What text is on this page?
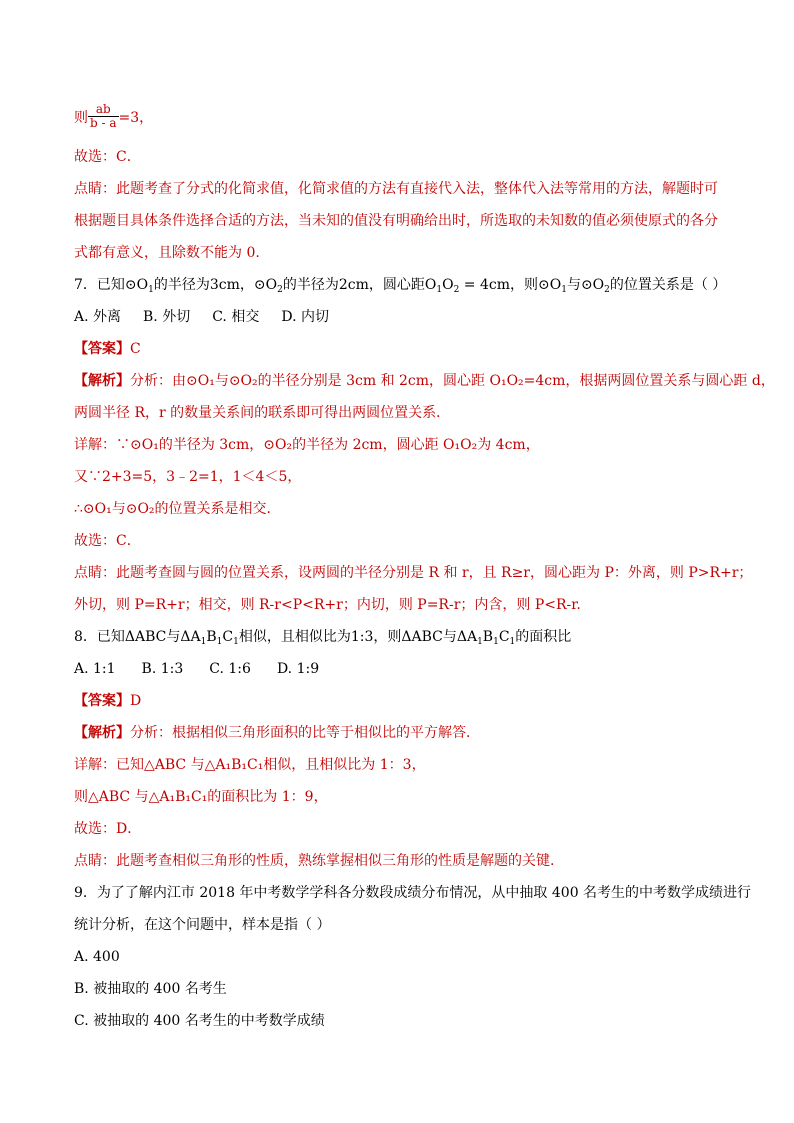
则 $\frac{ab}{b - a} =3$，
故选：C．
点睛：此题考查了分式的化简求值，化简求值的方法有直接代入法，整体代入法等常用的方法，解题时可
根据题目具体条件选择合适的方法，当未知的值没有明确给出时，所选取的未知数的值必须使原式的各分
式都有意义，且除数不能为 0.
7．已知$⊙O_1$的半径为3cm，$⊙O_2$的半径为2cm，圆心距$O_1O_2 = 4cm$，则$⊙O_1$与$⊙O_2$的位置关系是（ ）
A. 外离 B. 外切 C. 相交 D. 内切
【答案】C
【解析】分析：由⊙O₁与⊙O₂的半径分别是 3cm 和 2cm，圆心距 O₁O₂=4cm，根据两圆位置关系与圆心距 d，
两圆半径 R，r 的数量关系间的联系即可得出两圆位置关系．
详解：∵⊙O₁的半径为 3cm，⊙O₂的半径为 2cm，圆心距 O₁O₂为 4cm，
又∵2+3=5，3﹣2=1，1＜4＜5，
∴⊙O₁与⊙O₂的位置关系是相交．
故选：C．
点睛：此题考查圆与圆的位置关系，设两圆的半径分别是 R 和 r，且 R≥r，圆心距为 P：外离，则 P>R+r；
外切，则 P=R+r；相交，则 R-r<P<R+r；内切，则 P=R-r；内含，则 P<R-r.
8．已知ΔABC与$\Delta A_1B_1C_1$相似，且相似比为1:3，则ΔABC与$\Delta A_1B_1C_1$的面积比
A. 1:1 B. 1:3 C. 1:6 D. 1:9
【答案】D
【解析】分析：根据相似三角形面积的比等于相似比的平方解答．
详解：已知△ABC 与△A₁B₁C₁相似，且相似比为 1：3，
则△ABC 与△A₁B₁C₁的面积比为 1：9，
故选：D．
点睛：此题考查相似三角形的性质，熟练掌握相似三角形的性质是解题的关键.
9．为了了解内江市 2018 年中考数学学科各分数段成绩分布情况，从中抽取 400 名考生的中考数学成绩进行
统计分析，在这个问题中，样本是指（ ）
A. 400
B. 被抽取的 400 名考生
C. 被抽取的 400 名考生的中考数学成绩
